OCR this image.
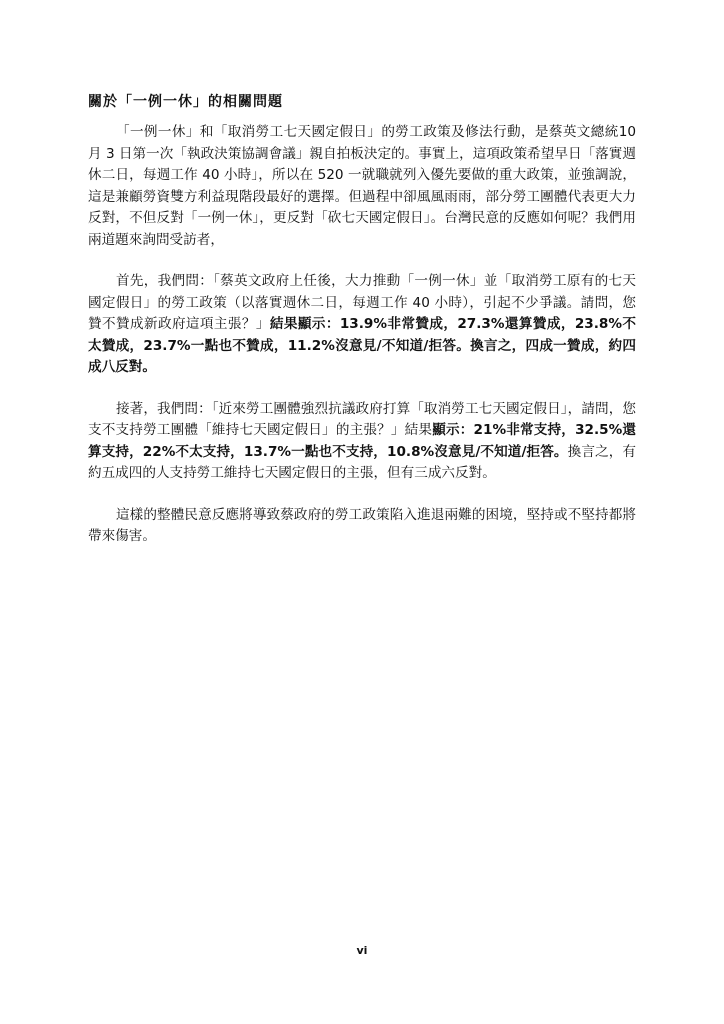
關於「一例一休」的相關問題

「一例一休」和「取消勞工七天國定假日」的勞工政策及修法行動，是蔡英文總統10 月 3 日第一次「執政決策協調會議」親自拍板決定的。事實上，這項政策希望早日「落實週休二日，每週工作 40 小時」，所以在 520 一就職就列入優先要做的重大政策，並強調說，這是兼顧勞資雙方利益現階段最好的選擇。但過程中卻風風雨雨，部分勞工團體代表更大力反對，不但反對「一例一休」，更反對「砍七天國定假日」。台灣民意的反應如何呢？我們用兩道題來詢問受訪者，

首先，我們問：「蔡英文政府上任後，大力推動「一例一休」並「取消勞工原有的七天國定假日」的勞工政策（以落實週休二日，每週工作 40 小時），引起不少爭議。請問，您贊不贊成新政府這項主張？」結果顯示：13.9%非常贊成，27.3%還算贊成，23.8%不太贊成，23.7%一點也不贊成，11.2%沒意見/不知道/拒答。換言之，四成一贊成，約四成八反對。

接著，我們問：「近來勞工團體強烈抗議政府打算「取消勞工七天國定假日」，請問，您支不支持勞工團體「維持七天國定假日」的主張？」結果顯示：21%非常支持，32.5%還算支持，22%不太支持，13.7%一點也不支持，10.8%沒意見/不知道/拒答。換言之，有約五成四的人支持勞工維持七天國定假日的主張，但有三成六反對。

這樣的整體民意反應將導致蔡政府的勞工政策陷入進退兩難的困境，堅持或不堅持都將帶來傷害。

vi
